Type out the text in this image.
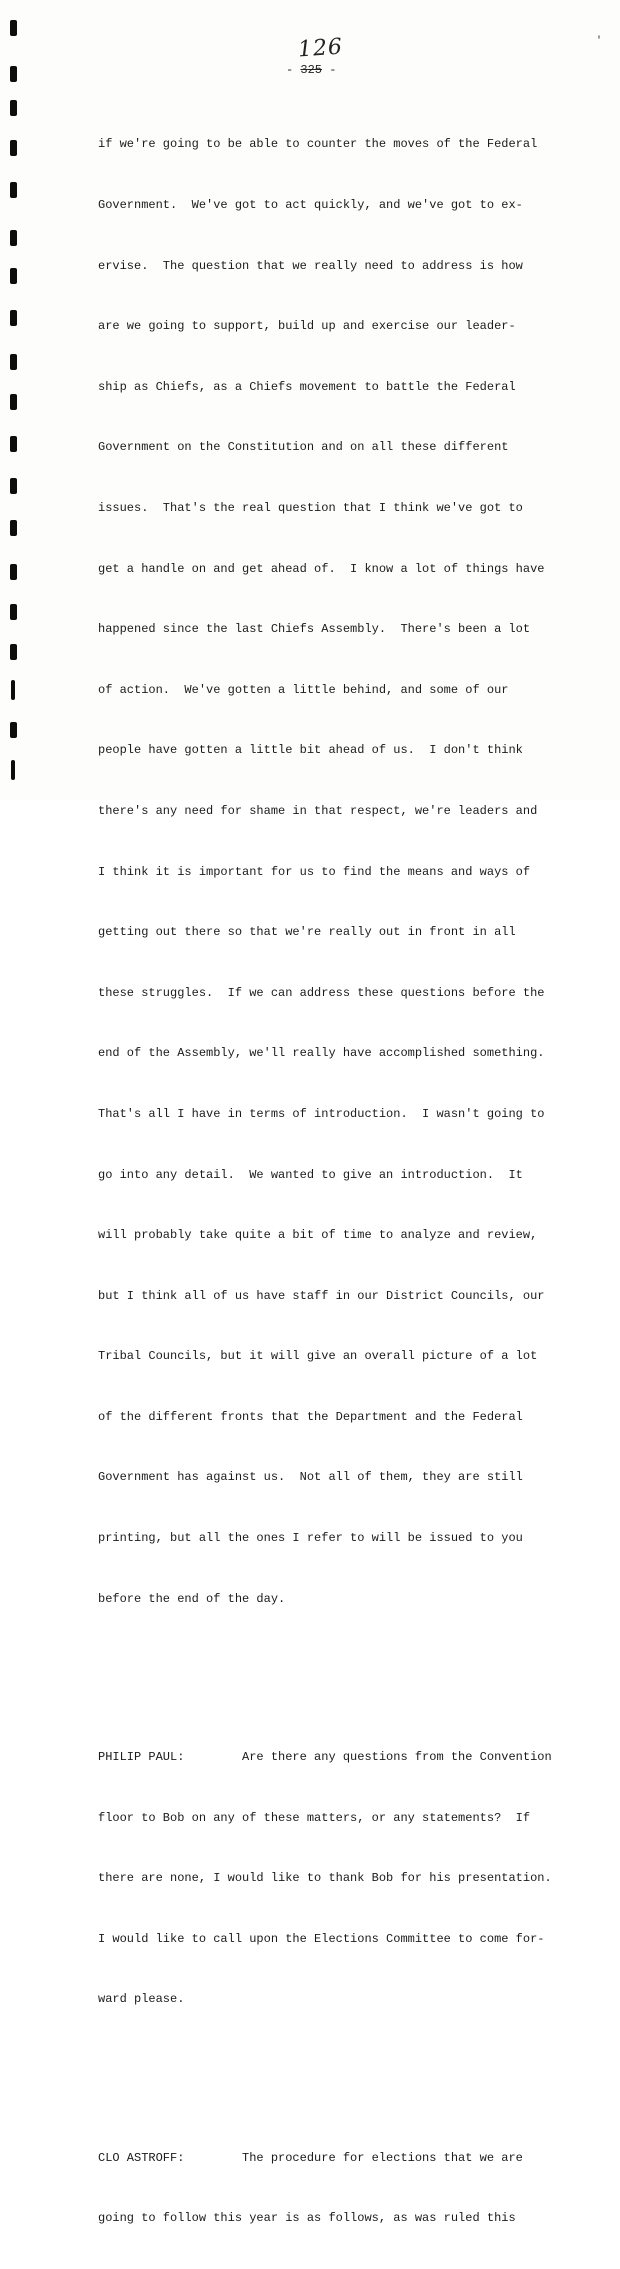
126
- 325 -
'

if we're going to be able to counter the moves of the Federal

Government.  We've got to act quickly, and we've got to ex-

ervise.  The question that we really need to address is how

are we going to support, build up and exercise our leader-

ship as Chiefs, as a Chiefs movement to battle the Federal

Government on the Constitution and on all these different

issues.  That's the real question that I think we've got to

get a handle on and get ahead of.  I know a lot of things have

happened since the last Chiefs Assembly.  There's been a lot

of action.  We've gotten a little behind, and some of our

people have gotten a little bit ahead of us.  I don't think

there's any need for shame in that respect, we're leaders and

I think it is important for us to find the means and ways of

getting out there so that we're really out in front in all

these struggles.  If we can address these questions before the

end of the Assembly, we'll really have accomplished something.

That's all I have in terms of introduction.  I wasn't going to

go into any detail.  We wanted to give an introduction.  It

will probably take quite a bit of time to analyze and review,

but I think all of us have staff in our District Councils, our

Tribal Councils, but it will give an overall picture of a lot

of the different fronts that the Department and the Federal

Government has against us.  Not all of them, they are still

printing, but all the ones I refer to will be issued to you

before the end of the day.

PHILIP PAUL:        Are there any questions from the Convention

floor to Bob on any of these matters, or any statements?  If

there are none, I would like to thank Bob for his presentation.

I would like to call upon the Elections Committee to come for-

ward please.

CLO ASTROFF:        The procedure for elections that we are

going to follow this year is as follows, as was ruled this
